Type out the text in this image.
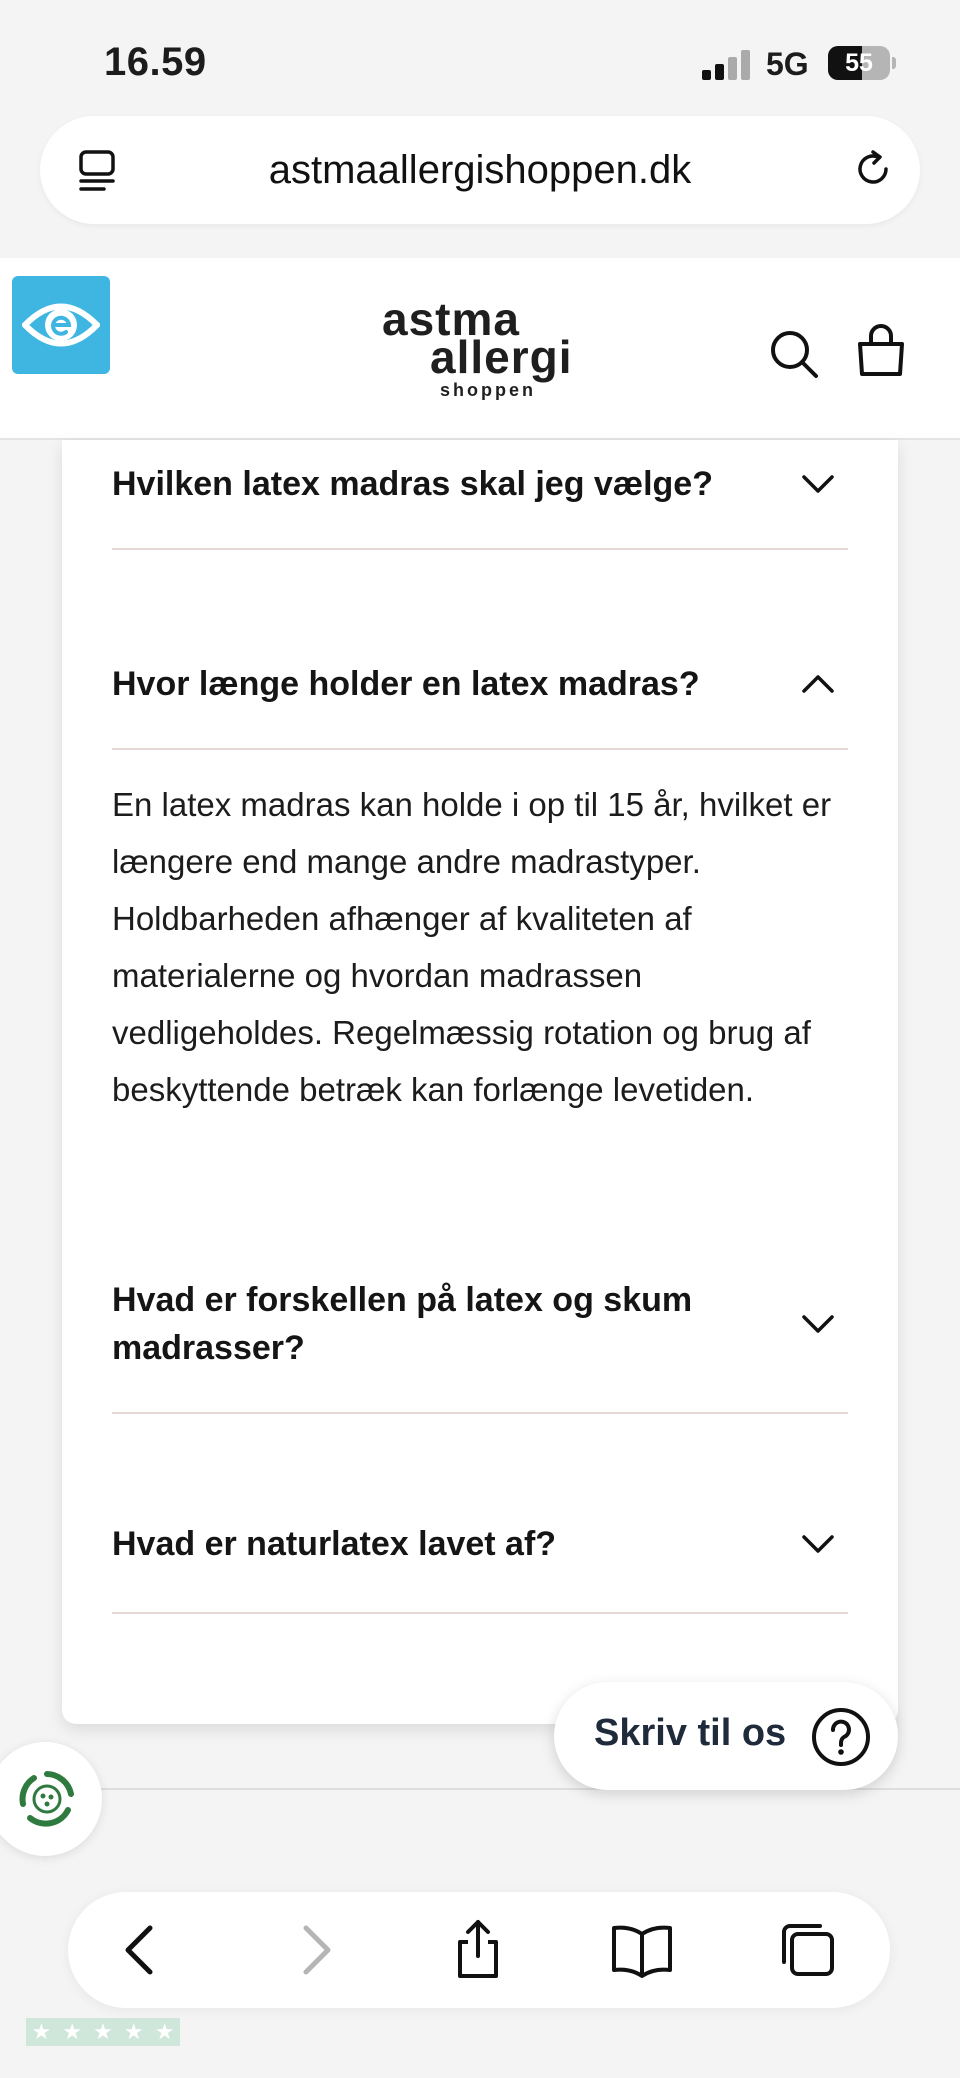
16.59	5G	55
astmaallergishoppen.dk
astma
allergi
shoppen
Hvilken latex madras skal jeg vælge?
Hvor længe holder en latex madras?

En latex madras kan holde i op til 15 år, hvilket er længere end mange andre madrastyper. Holdbarheden afhænger af kvaliteten af materialerne og hvordan madrassen vedligeholdes. Regelmæssig rotation og brug af beskyttende betræk kan forlænge levetiden.

Hvad er forskellen på latex og skum madrasser?
Hvad er naturlatex lavet af?
Skriv til os
★ ★ ★ ★ ★
